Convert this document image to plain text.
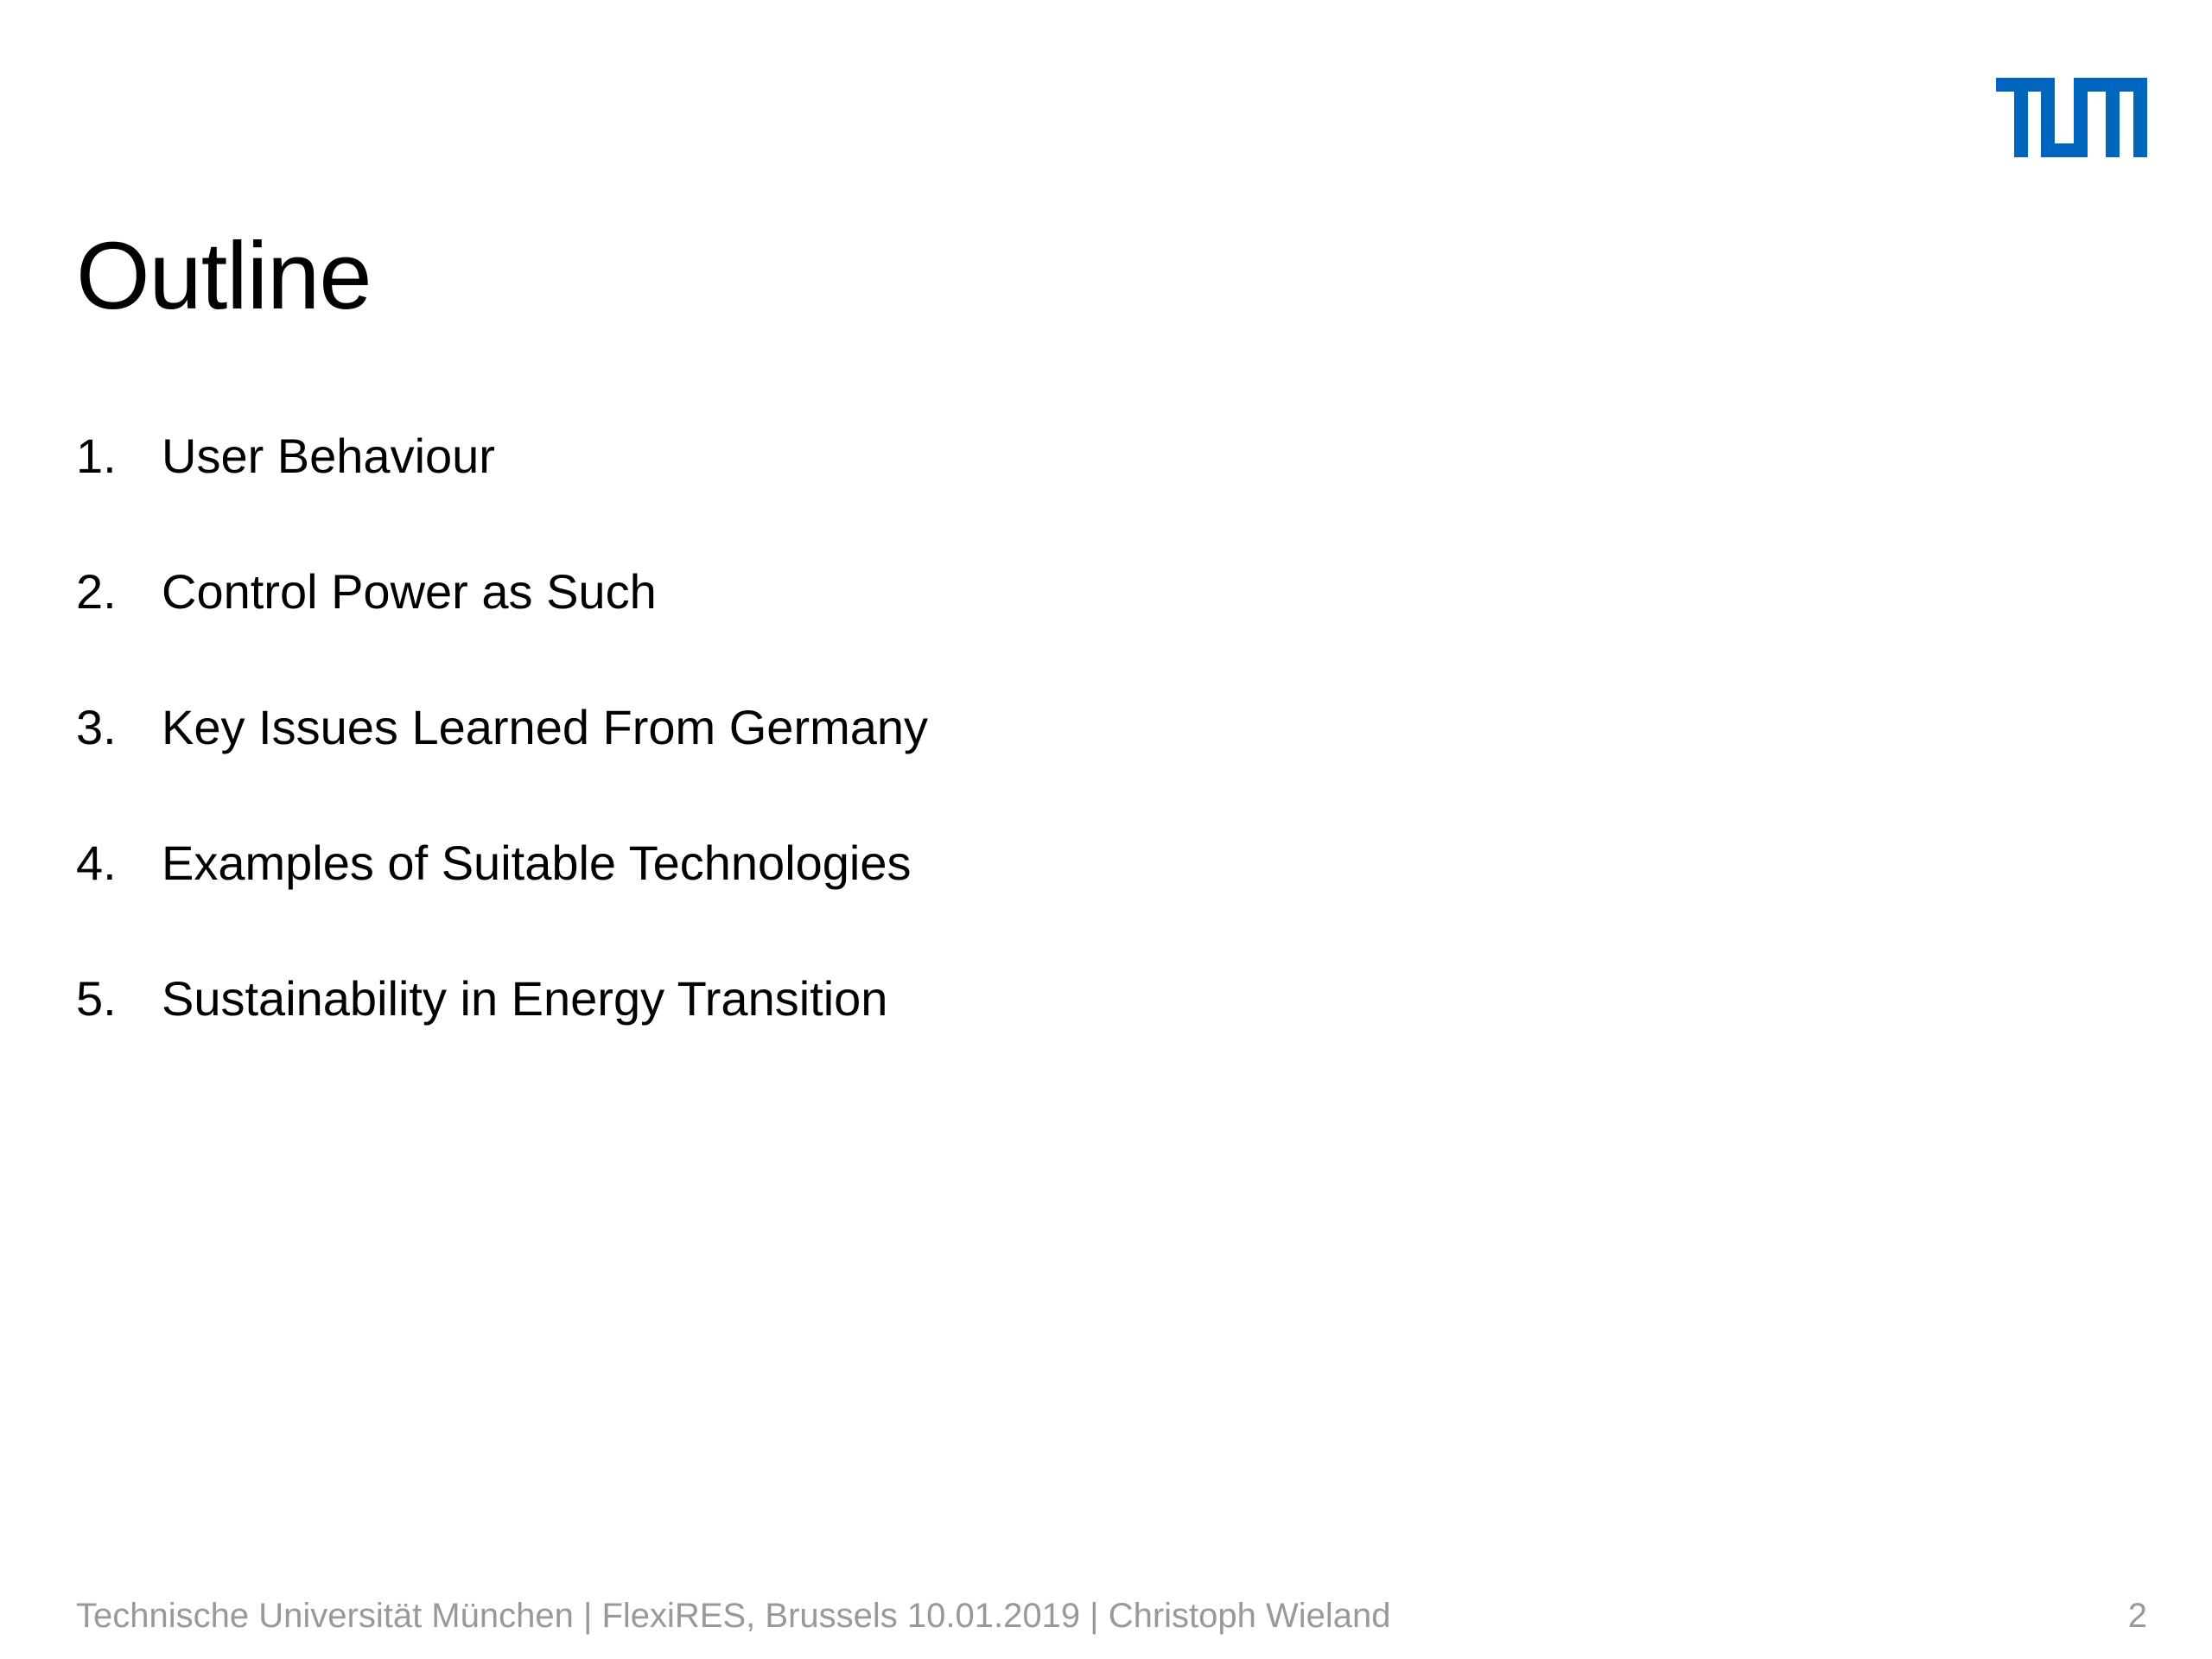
Outline
1. User Behaviour
2. Control Power as Such
3. Key Issues Learned From Germany
4. Examples of Suitable Technologies
5. Sustainability in Energy Transition
Technische Universität München | FlexiRES, Brussels 10.01.2019 | Christoph Wieland	2
